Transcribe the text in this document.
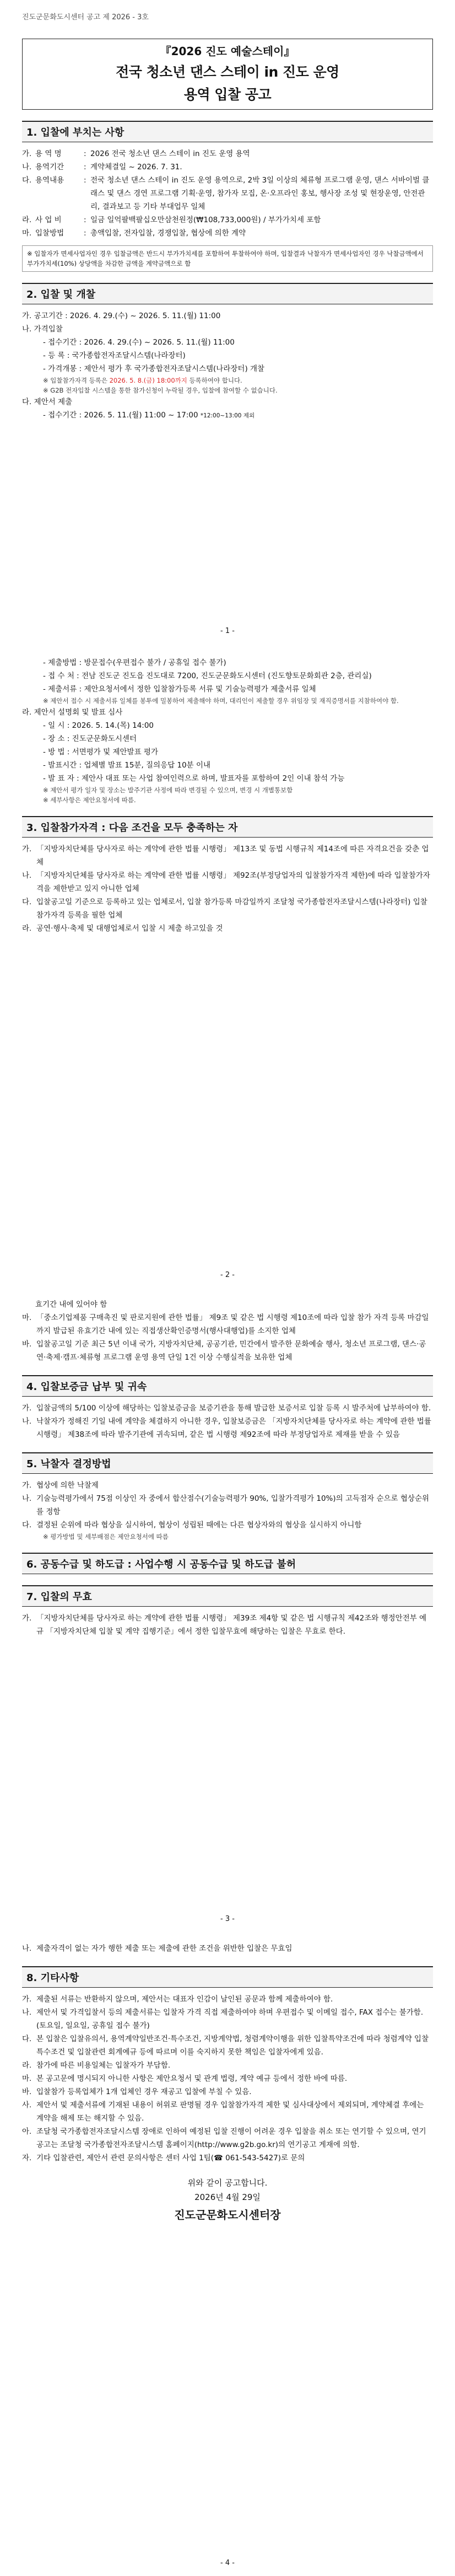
진도군문화도시센터 공고 제 2026 - 3호

『2026 진도 예술스테이』

전국 청소년 댄스 스테이 in 진도 운영

용역 입찰 공고

1. 입찰에 부치는 사항
가. 용 역 명	: 2026 전국 청소년 댄스 스테이 in 진도 운영 용역
나. 용역기간	: 계약체결일 ~ 2026. 7. 31.
다. 용역내용	: 전국 청소년 댄스 스테이 in 진도 운영 용역으로, 2박 3일 이상의 체류형 프로그램 운영, 댄스 서바이벌 클래스 및 댄스 경연 프로그램 기획·운영, 참가자 모집, 온·오프라인 홍보, 행사장 조성 및 현장운영, 안전관리, 결과보고 등 기타 부대업무 일체
라. 사 업 비	: 일금 일억팔백팔십오만삼천원정(₩108,733,000원) / 부가가치세 포함
마. 입찰방법	: 총액입찰, 전자입찰, 경쟁입찰, 협상에 의한 계약
※ 입찰자가 면세사업자인 경우 입찰금액은 반드시 부가가치세를 포함하여 투찰하여야 하며, 입찰결과 낙찰자가 면세사업자인 경우 낙찰금액에서 부가가치세(10%) 상당액을 차감한 금액을 계약금액으로 함
2. 입찰 및 개찰
가. 공고기간 : 2026. 4. 29.(수) ~ 2026. 5. 11.(월) 11:00
나. 가격입찰
- 접수기간 : 2026. 4. 29.(수) ~ 2026. 5. 11.(월) 11:00
- 등 록 : 국가종합전자조달시스템(나라장터)
- 가격개봉 : 제안서 평가 후 국가종합전자조달시스템(나라장터) 개찰
※ 입찰참가자격 등록은 2026. 5. 8.(금) 18:00까지 등록하여야 합니다.
※ G2B 전자입찰 시스템을 통한 참가신청이 누락될 경우, 입찰에 참여할 수 없습니다.
다. 제안서 제출
- 접수기간 : 2026. 5. 11.(월) 11:00 ~ 17:00 *12:00~13:00 제외
- 1 -
- 제출방법 : 방문접수(우편접수 불가 / 공휴일 접수 불가)
- 접 수 처 : 전남 진도군 진도읍 진도대로 7200, 진도군문화도시센터 (진도향토문화회관 2층, 관리실)
- 제출서류 : 제안요청서에서 정한 입찰참가등록 서류 및 기술능력평가 제출서류 일체
※ 제안서 접수 시 제출서류 일체를 봉투에 밀봉하여 제출해야 하며, 대리인이 제출할 경우 위임장 및 재직증명서를 지참하여야 함.
라. 제안서 설명회 및 발표 심사
- 일 시 : 2026. 5. 14.(목) 14:00
- 장 소 : 진도군문화도시센터
- 방 법 : 서면평가 및 제안발표 평가
- 발표시간 : 업체별 발표 15분, 질의응답 10분 이내
- 발 표 자 : 제안사 대표 또는 사업 참여인력으로 하며, 발표자를 포함하여 2인 이내 참석 가능
※ 제안서 평가 일자 및 장소는 발주기관 사정에 따라 변경될 수 있으며, 변경 시 개별통보함
※ 세부사항은 제안요청서에 따름.
3. 입찰참가자격 : 다음 조건을 모두 충족하는 자
가. 「지방자치단체를 당사자로 하는 계약에 관한 법률 시행령」 제13조 및 동법 시행규칙 제14조에 따른 자격요건을 갖춘 업체
나. 「지방자치단체를 당사자로 하는 계약에 관한 법률 시행령」 제92조(부정당업자의 입찰참가자격 제한)에 따라 입찰참가자격을 제한받고 있지 아니한 업체
다. 입찰공고일 기준으로 등록하고 있는 업체로서, 입찰 참가등록 마감일까지 조달청 국가종합전자조달시스템(나라장터) 입찰참가자격 등록을 필한 업체
라. 공연·행사·축제 및 대행업체로서 입찰 시 제출 하고있을 것
- 2 -
효기간 내에 있어야 함
마. 「중소기업제품 구매촉진 및 판로지원에 관한 법률」 제9조 및 같은 법 시행령 제10조에 따라 입찰 참가 자격 등록 마감일까지 발급된 유효기간 내에 있는 직접생산확인증명서(행사대행업)를 소지한 업체
바. 입찰공고일 기준 최근 5년 이내 국가, 지방자치단체, 공공기관, 민간에서 발주한 문화예술 행사, 청소년 프로그램, 댄스·공연·축제·캠프·체류형 프로그램 운영 용역 단일 1건 이상 수행실적을 보유한 업체
4. 입찰보증금 납부 및 귀속
가. 입찰금액의 5/100 이상에 해당하는 입찰보증금을 보증기관을 통해 발급한 보증서로 입찰 등록 시 발주처에 납부하여야 함.
나. 낙찰자가 정해진 기일 내에 계약을 체결하지 아니한 경우, 입찰보증금은 「지방자치단체를 당사자로 하는 계약에 관한 법률 시행령」 제38조에 따라 발주기관에 귀속되며, 같은 법 시행령 제92조에 따라 부정당업자로 제재를 받을 수 있음
5. 낙찰자 결정방법
가. 협상에 의한 낙찰제
나. 기술능력평가에서 75점 이상인 자 중에서 합산점수(기술능력평가 90%, 입찰가격평가 10%)의 고득점자 순으로 협상순위를 정함
다. 결정된 순위에 따라 협상을 실시하여, 협상이 성립된 때에는 다른 협상자와의 협상을 실시하지 아니함
※ 평가방법 및 세부배점은 제안요청서에 따름
6. 공동수급 및 하도급 : 사업수행 시 공동수급 및 하도급 불허
7. 입찰의 무효
가. 「지방자치단체를 당사자로 하는 계약에 관한 법률 시행령」 제39조 제4항 및 같은 법 시행규칙 제42조와 행정안전부 예규 「지방자치단체 입찰 및 계약 집행기준」에서 정한 입찰무효에 해당하는 입찰은 무효로 한다.
- 3 -
나. 제출자격이 없는 자가 행한 제출 또는 제출에 관한 조건을 위반한 입찰은 무효임
8. 기타사항
가. 제출된 서류는 반환하지 않으며, 제안서는 대표자 인감이 날인된 공문과 함께 제출하여야 함.
나. 제안서 및 가격입찰서 등의 제출서류는 입찰자 가격 직접 제출하여야 하며 우편접수 및 이메일 접수, FAX 접수는 불가함.(토요일, 일요일, 공휴일 접수 불가)
다. 본 입찰은 입찰유의서, 용역계약일반조건·특수조건, 지방계약법, 청렴계약이행을 위한 입찰특약조건에 따라 청렴계약 입찰특수조건 및 입찰관련 회계예규 등에 따르며 이를 숙지하지 못한 책임은 입찰자에게 있음.
라. 참가에 따른 비용일체는 입찰자가 부담함.
마. 본 공고문에 명시되지 아니한 사항은 제안요청서 및 관계 법령, 계약 예규 등에서 정한 바에 따름.
바. 입찰참가 등록업체가 1개 업체인 경우 재공고 입찰에 부칠 수 있음.
사. 제안서 및 제출서류에 기재된 내용이 허위로 판명될 경우 입찰참가자격 제한 및 심사대상에서 제외되며, 계약체결 후에는 계약을 해제 또는 해지할 수 있음.
아. 조달청 국가종합전자조달시스템 장애로 인하여 예정된 입찰 진행이 어려운 경우 입찰을 취소 또는 연기할 수 있으며, 연기 공고는 조달청 국가종합전자조달시스템 홈페이지(http://www.g2b.go.kr)의 연기공고 게재에 의함.
자. 기타 입찰관련, 제안서 관련 문의사항은 센터 사업 1팀(☎ 061-543-5427)로 문의
위와 같이 공고합니다.
2026년 4월 29일
진도군문화도시센터장
- 4 -
